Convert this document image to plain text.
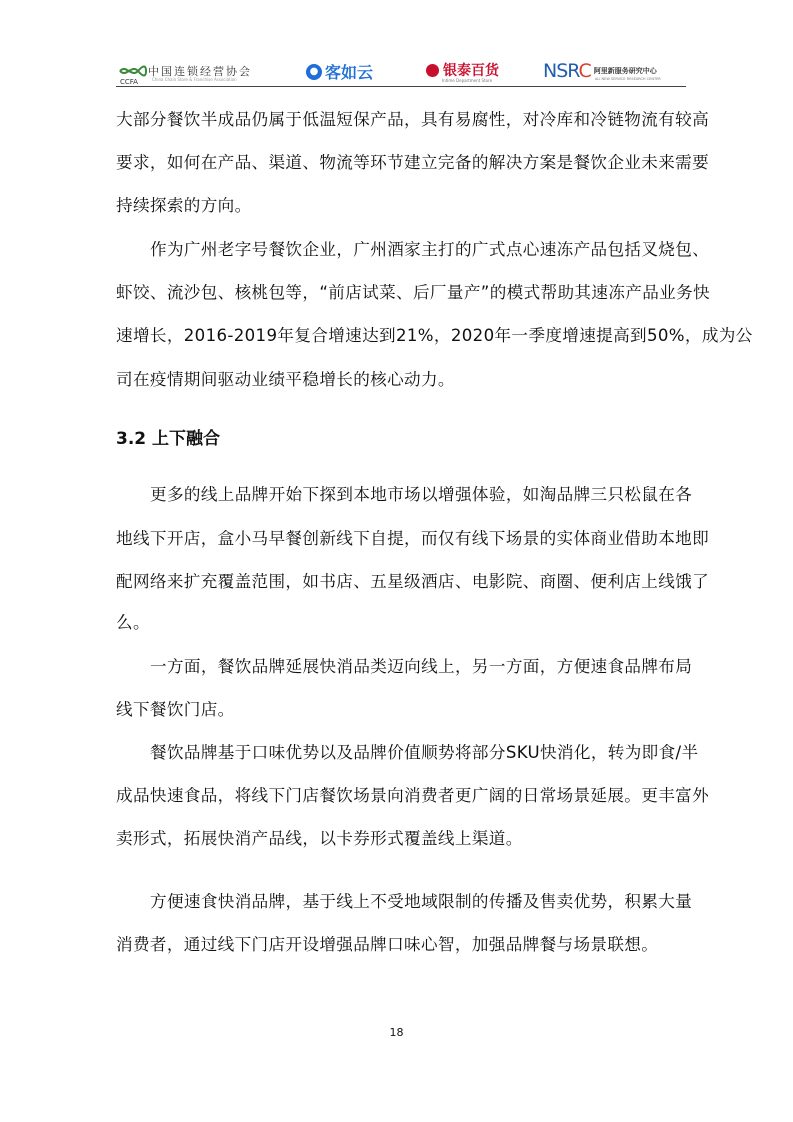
中国连锁经营协会
CCFA	China Chain Store & Franchise Association
● 客如云	银泰百货
Intime Department Store	NSRC 阿里新服务研究中心
ALI NEW SERVICE RESEARCH CENTER
大部分餐饮半成品仍属于低温短保产品，具有易腐性，对冷库和冷链物流有较高
要求，如何在产品、渠道、物流等环节建立完备的解决方案是餐饮企业未来需要
持续探索的方向。
作为广州老字号餐饮企业，广州酒家主打的广式点心速冻产品包括叉烧包、
虾饺、流沙包、核桃包等，“前店试菜、后厂量产”的模式帮助其速冻产品业务快
速增长，2016-2019年复合增速达到21%，2020年一季度增速提高到50%，成为公
司在疫情期间驱动业绩平稳增长的核心动力。
3.2 上下融合
更多的线上品牌开始下探到本地市场以增强体验，如淘品牌三只松鼠在各
地线下开店，盒小马早餐创新线下自提，而仅有线下场景的实体商业借助本地即
配网络来扩充覆盖范围，如书店、五星级酒店、电影院、商圈、便利店上线饿了
么。
一方面，餐饮品牌延展快消品类迈向线上，另一方面，方便速食品牌布局
线下餐饮门店。
餐饮品牌基于口味优势以及品牌价值顺势将部分SKU快消化，转为即食/半
成品快速食品，将线下门店餐饮场景向消费者更广阔的日常场景延展。更丰富外
卖形式，拓展快消产品线，以卡券形式覆盖线上渠道。
方便速食快消品牌，基于线上不受地域限制的传播及售卖优势，积累大量
消费者，通过线下门店开设增强品牌口味心智，加强品牌餐与场景联想。
18
